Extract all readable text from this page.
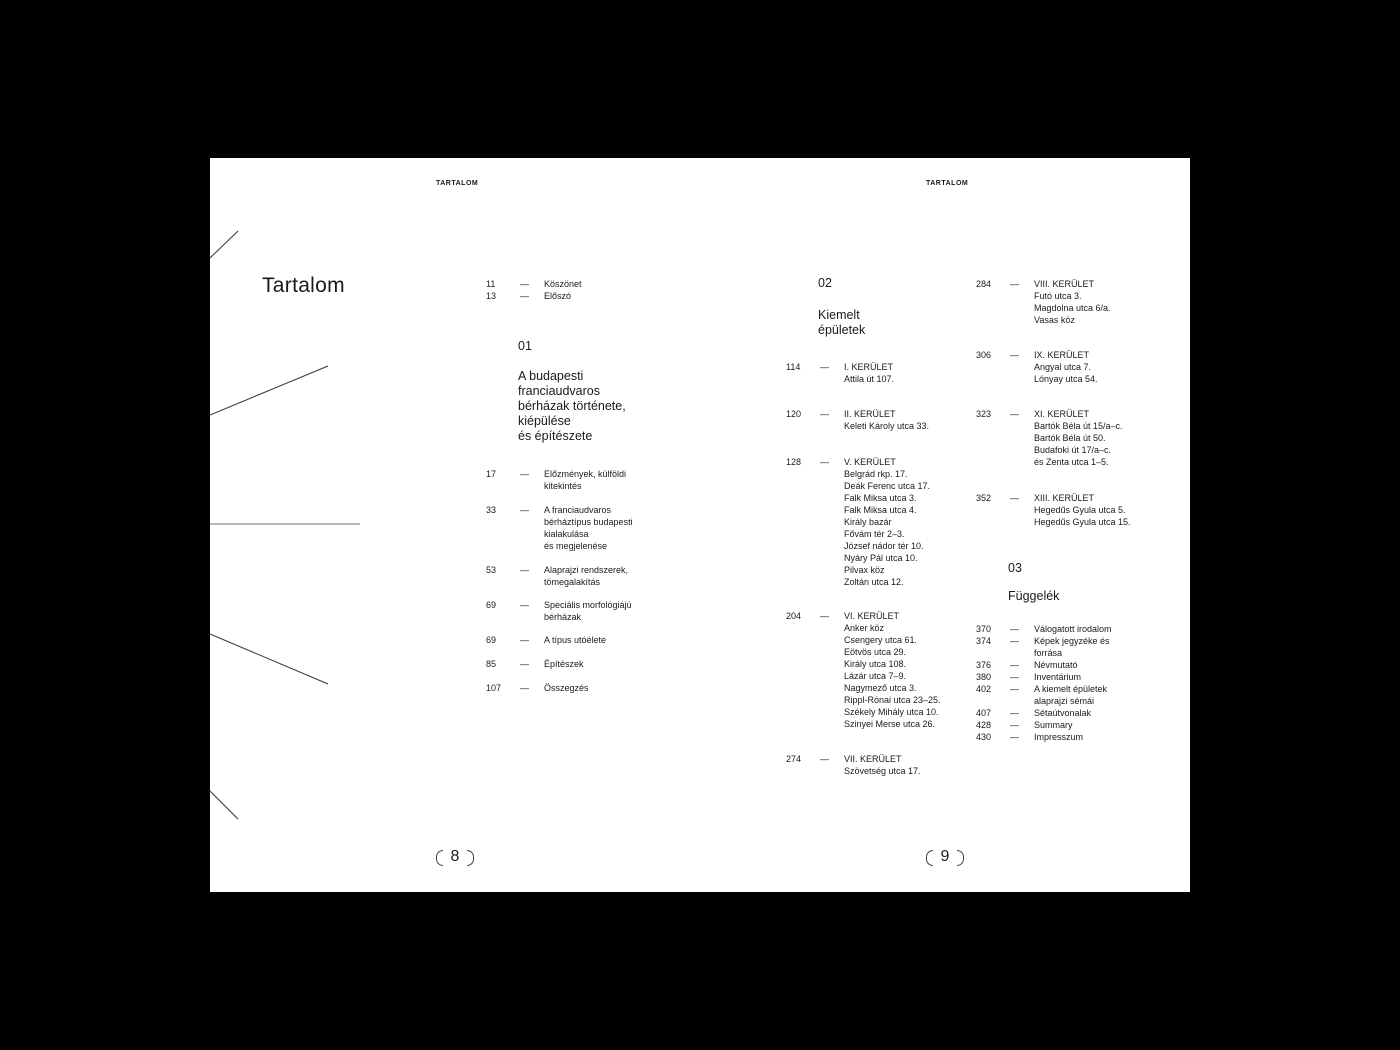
TARTALOM	TARTALOM
Tartalom	11	— Köszönet
13	— Előszó
01
A budapesti
franciaudvaros
bérházak története,
kiépülése
és építészete
17	— Előzmények, külföldi
kitekintés
33	— A franciaudvaros
bérháztípus budapesti
kialakulása
és megjelenése
53	— Alaprajzi rendszerek,
tömegalakítás
69	— Speciális morfológiájú
bérházak
69	— A típus utóélete
85	— Építészek
107 — Összegzés
02
Kiemelt
épületek
114 — I. KERÜLET
Attila út 107.
120 — II. KERÜLET
Keleti Károly utca 33.
128 — V. KERÜLET
Belgrád rkp. 17.
Deák Ferenc utca 17.
Falk Miksa utca 3.
Falk Miksa utca 4.
Király bazár
Fővám tér 2–3.
József nádor tér 10.
Nyáry Pál utca 10.
Pilvax köz
Zoltán utca 12.
204 — VI. KERÜLET
Anker köz
Csengery utca 61.
Eötvös utca 29.
Király utca 108.
Lázár utca 7–9.
Nagymező utca 3.
Rippl-Rónai utca 23–25.
Székely Mihály utca 10.
Szinyei Merse utca 26.
274 — VII. KERÜLET
Szövetség utca 17.
284 — VIII. KERÜLET
Futó utca 3.
Magdolna utca 6/a.
Vasas köz
306 — IX. KERÜLET
Angyal utca 7.
Lónyay utca 54.
323 — XI. KERÜLET
Bartók Béla út 15/a–c.
Bartók Béla út 50.
Budafoki út 17/a–c.
és Zenta utca 1–5.
352 — XIII. KERÜLET
Hegedűs Gyula utca 5.
Hegedűs Gyula utca 15.
03
Függelék
370 — Válogatott irodalom
374 — Képek jegyzéke és
forrása
376 — Névmutató
380 — Inventárium
402 — A kiemelt épületek
alaprajzi sémái
407 — Sétaútvonalak
428 — Summary
430 — Impresszum
8	9
